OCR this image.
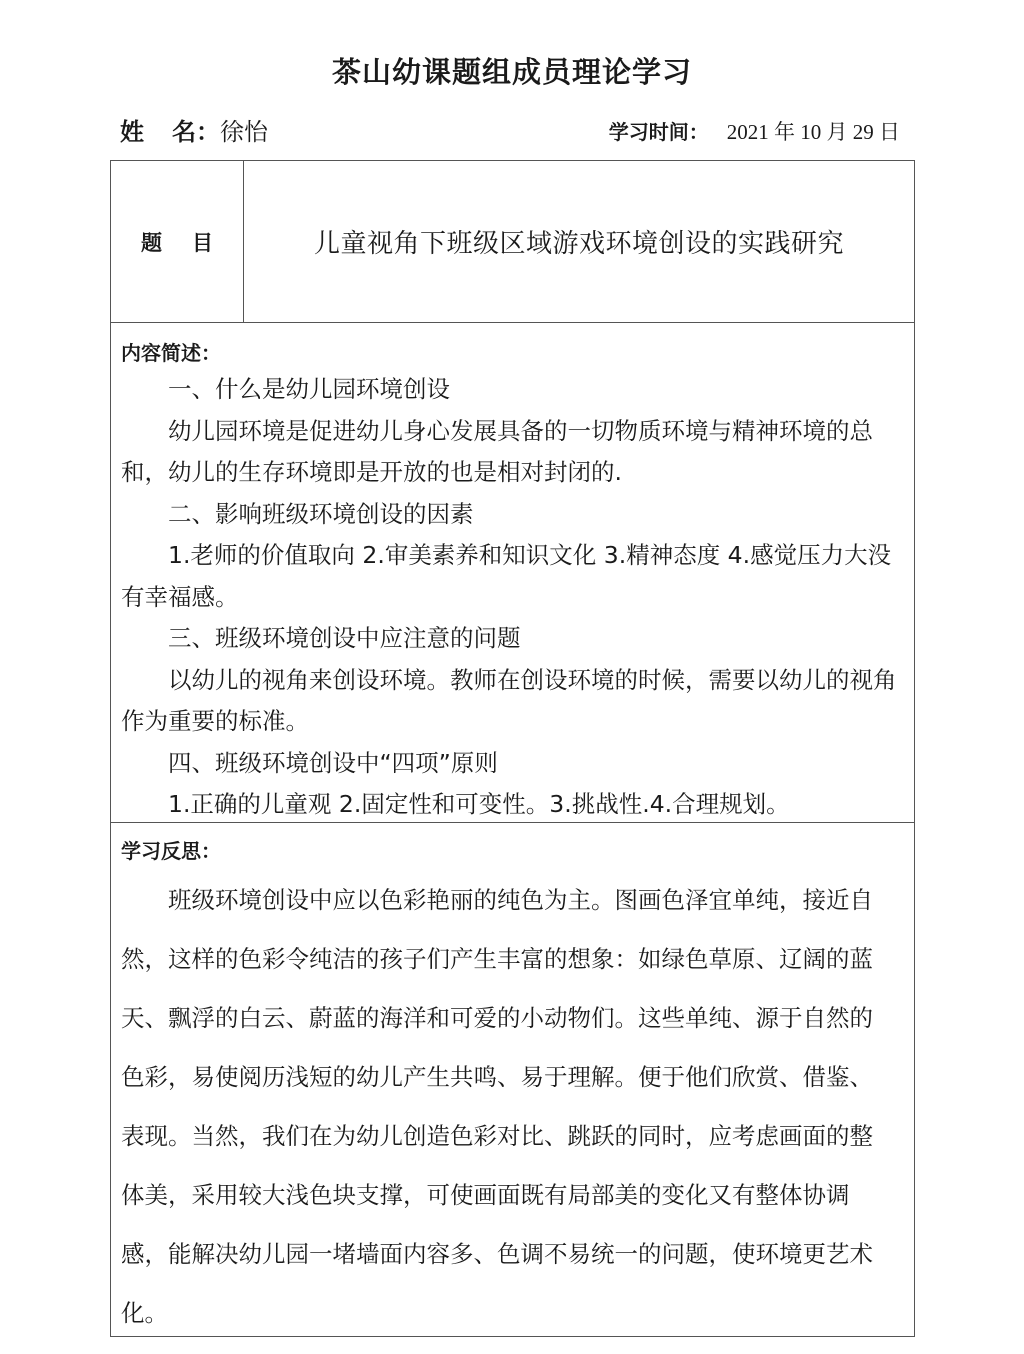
茶山幼课题组成员理论学习
姓 名：徐怡	学习时间： 2021 年 10 月 29 日
题目	儿童视角下班级区域游戏环境创设的实践研究
内容简述：

一、什么是幼儿园环境创设

幼儿园环境是促进幼儿身心发展具备的一切物质环境与精神环境的总和，幼儿的生存环境即是开放的也是相对封闭的.

二、影响班级环境创设的因素

1.老师的价值取向 2.审美素养和知识文化 3.精神态度 4.感觉压力大没有幸福感。

三、班级环境创设中应注意的问题

以幼儿的视角来创设环境。教师在创设环境的时候，需要以幼儿的视角作为重要的标准。

四、班级环境创设中“四项”原则

1.正确的儿童观 2.固定性和可变性。3.挑战性.4.合理规划。

学习反思：

班级环境创设中应以色彩艳丽的纯色为主。图画色泽宜单纯，接近自然，这样的色彩令纯洁的孩子们产生丰富的想象：如绿色草原、辽阔的蓝天、飘浮的白云、蔚蓝的海洋和可爱的小动物们。这些单纯、源于自然的色彩，易使阅历浅短的幼儿产生共鸣、易于理解。便于他们欣赏、借鉴、表现。当然，我们在为幼儿创造色彩对比、跳跃的同时，应考虑画面的整体美，采用较大浅色块支撑，可使画面既有局部美的变化又有整体协调感，能解决幼儿园一堵墙面内容多、色调不易统一的问题，使环境更艺术化。
